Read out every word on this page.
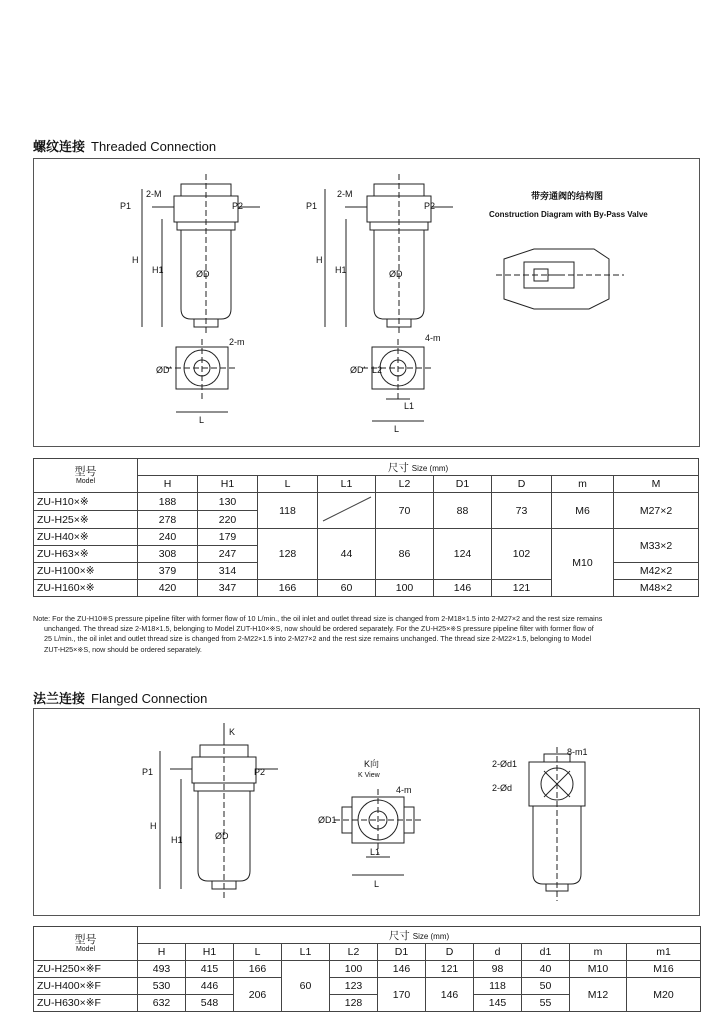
螺纹连接 Threaded Connection
P1
2-M
P2
H
H1	ØD
P1
2-M
P2
H
H1	ØD
2-m
ØD'
L
4-m
ØD' L2
L1
L
带旁通阀的结构图
Construction Diagram with By-Pass Valve
型号
Model	尺寸 Size (mm)								
	H	H1	L	L1	L2	D1	D	m	M
ZU-H10×※	188	130	118		70	88	73	M6	M27×2
ZU-H25×※	278	220							
ZU-H40×※	240	179	128	44	86	124	102	M10	M33×2
ZU-H63×※	308	247							
ZU-H100×※	379	314							M42×2
ZU-H160×※	420	347	166	60	100	146	121		M48×2

Note: For the ZU-H10※S pressure pipeline filter with former flow of 10 L/min., the oil inlet and outlet thread size is changed from 2-M18×1.5 into 2-M27×2 and the rest size remains

unchanged. The thread size 2-M18×1.5, belonging to Model ZUT-H10×※S, now should be ordered separately. For the ZU-H25×※S pressure pipeline filter with former flow of

25 L/min., the oil inlet and outlet thread size is changed from 2-M22×1.5 into 2-M27×2 and the rest size remains unchanged. The thread size 2-M22×1.5, belonging to Model

ZUT-H25×※S, now should be ordered separately.

法兰连接 Flanged Connection
K
P1	P2
H
H1	ØD
K向
K View
4-m
ØD1
L1
L
8-m1
2-Ød1
2-Ød
型号
Model	尺寸 Size (mm)										
	H	H1	L	L1	L2	D1	D	d	d1	m	m1
ZU-H250×※F	493	415	166	60	100	146	121	98	40	M10	M16
ZU-H400×※F	530	446	206		123	170	146	118	50	M12	M20
ZU-H630×※F	632	548			128			145	55		
